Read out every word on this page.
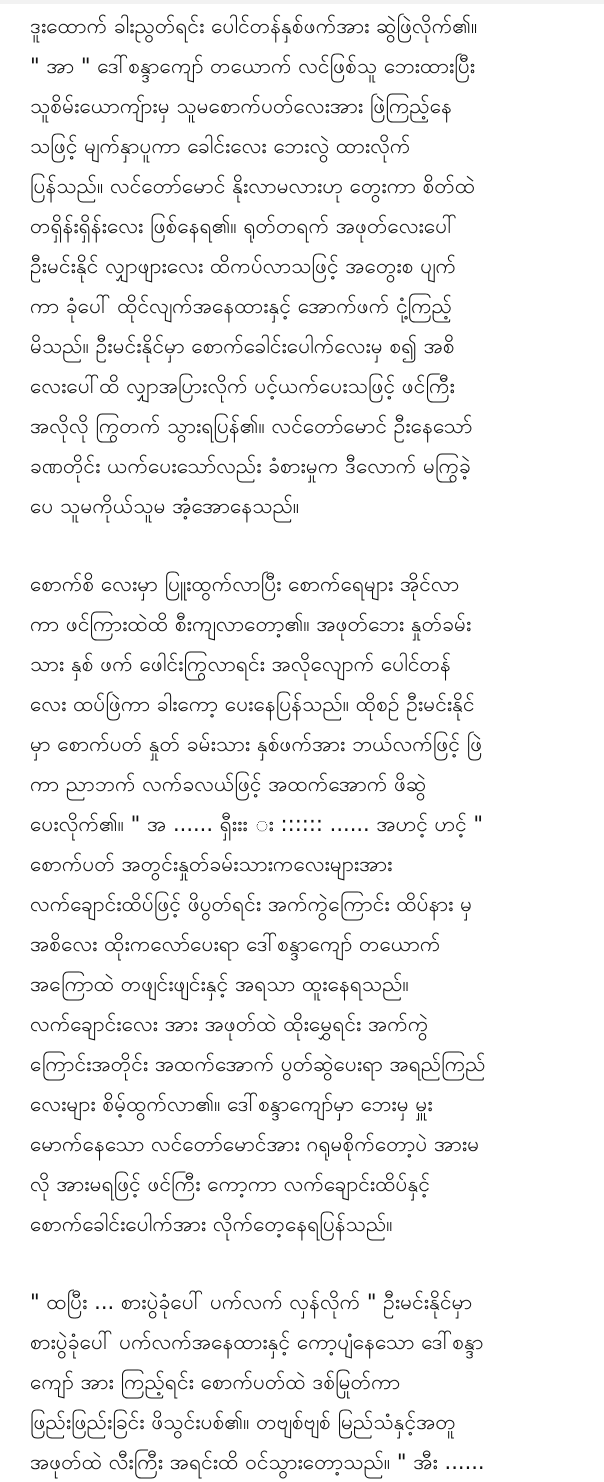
ဒူးထောက် ခါးညွတ်ရင်း ပေါင်တန်နှစ်ဖက်အား ဆွဲဖြဲလိုက်၏။
" အာ " ဒေါ်စန္ဒာကျော် တယောက် လင်ဖြစ်သူ ဘေးထားပြီး
သူစိမ်းယောကျ်ားမှ သူမစောက်ပတ်လေးအား ဖြဲကြည့်နေ
သဖြင့် မျက်နှာပူကာ ခေါင်းလေး ဘေးလွဲ ထားလိုက်
ပြန်သည်။ လင်တော်မောင် နိုးလာမလားဟု တွေးကာ စိတ်ထဲ
တရှိန်းရှိန်းလေး ဖြစ်နေရ၏။ ရုတ်တရက် အဖုတ်လေးပေါ်
ဦးမင်းနိုင် လျှာဖျားလေး ထိကပ်လာသဖြင့် အတွေးစ ပျက်
ကာ ခုံပေါ် ထိုင်လျက်အနေထားနှင့် အောက်ဖက် ငုံ့ကြည့်
မိသည်။ ဦးမင်းနိုင်မှာ စောက်ခေါင်းပေါက်လေးမှ စ၍ အစိ
လေးပေါ်ထိ လျှာအပြားလိုက် ပင့်ယက်ပေးသဖြင့် ဖင်ကြီး
အလိုလို ကြွတက် သွားရပြန်၏။ လင်တော်မောင် ဦးနေသော်
ခဏတိုင်း ယက်ပေးသော်လည်း ခံစားမှုက ဒီလောက် မကြွခဲ့
ပေ သူမကိုယ်သူမ အံ့အောနေသည်။
စောက်စိ လေးမှာ ပြူးထွက်လာပြီး စောက်ရေများ အိုင်လာ
ကာ ဖင်ကြားထဲထိ စီးကျလာတော့၏။ အဖုတ်ဘေး နှုတ်ခမ်း
သား နှစ် ဖက် ဖေါင်းကြွလာရင်း အလိုလျောက် ပေါင်တန်
လေး ထပ်ဖြဲကာ ခါးကော့ ပေးနေပြန်သည်။ ထိုစဉ် ဦးမင်းနိုင်
မှာ စောက်ပတ် နှုတ် ခမ်းသား နှစ်ဖက်အား ဘယ်လက်ဖြင့် ဖြဲ
ကာ ညာဘက် လက်ခလယ်ဖြင့် အထက်အောက် ဖိဆွဲ
ပေးလိုက်၏။ " အ ...... ရှီးးး း :::::: ...... အဟင့် ဟင့် "
စောက်ပတ် အတွင်းနှုတ်ခမ်းသားကလေးများအား
လက်ချောင်းထိပ်ဖြင့် ဖိပွတ်ရင်း အက်ကွဲကြောင်း ထိပ်နား မှ
အစိလေး ထိုးကလော်ပေးရာ ဒေါ်စန္ဒာကျော် တယောက်
အကြောထဲ တဖျင်းဖျင်းနှင့် အရသာ ထူးနေရသည်။
လက်ချောင်းလေး အား အဖုတ်ထဲ ထိုးမွှေရင်း အက်ကွဲ
ကြောင်းအတိုင်း အထက်အောက် ပွတ်ဆွဲပေးရာ အရည်ကြည်
လေးများ စိမ့်ထွက်လာ၏။ ဒေါ်စန္ဒာကျော်မှာ ဘေးမှ မှူး
မောက်နေသော လင်တော်မောင်အား ဂရုမစိုက်တော့ပဲ အားမ
လို အားမရဖြင့် ဖင်ကြီး ကော့ကာ လက်ချောင်းထိပ်နှင့်
စောက်ခေါင်းပေါက်အား လိုက်တေ့နေရပြန်သည်။
" ထပြီး ... စားပွဲခုံပေါ် ပက်လက် လှန်လိုက် " ဦးမင်းနိုင်မှာ
စားပွဲခုံပေါ် ပက်လက်အနေထားနှင့် ကော့ပျံနေသော ဒေါ်စန္ဒာ
ကျော် အား ကြည့်ရင်း စောက်ပတ်ထဲ ဒစ်မြုတ်ကာ
ဖြည်းဖြည်းခြင်း ဖိသွင်းပစ်၏။ တဗျစ်ဗျစ် မြည်သံနှင့်အတူ
အဖုတ်ထဲ လီးကြီး အရင်းထိ ဝင်သွားတော့သည်။ " အီး ......
